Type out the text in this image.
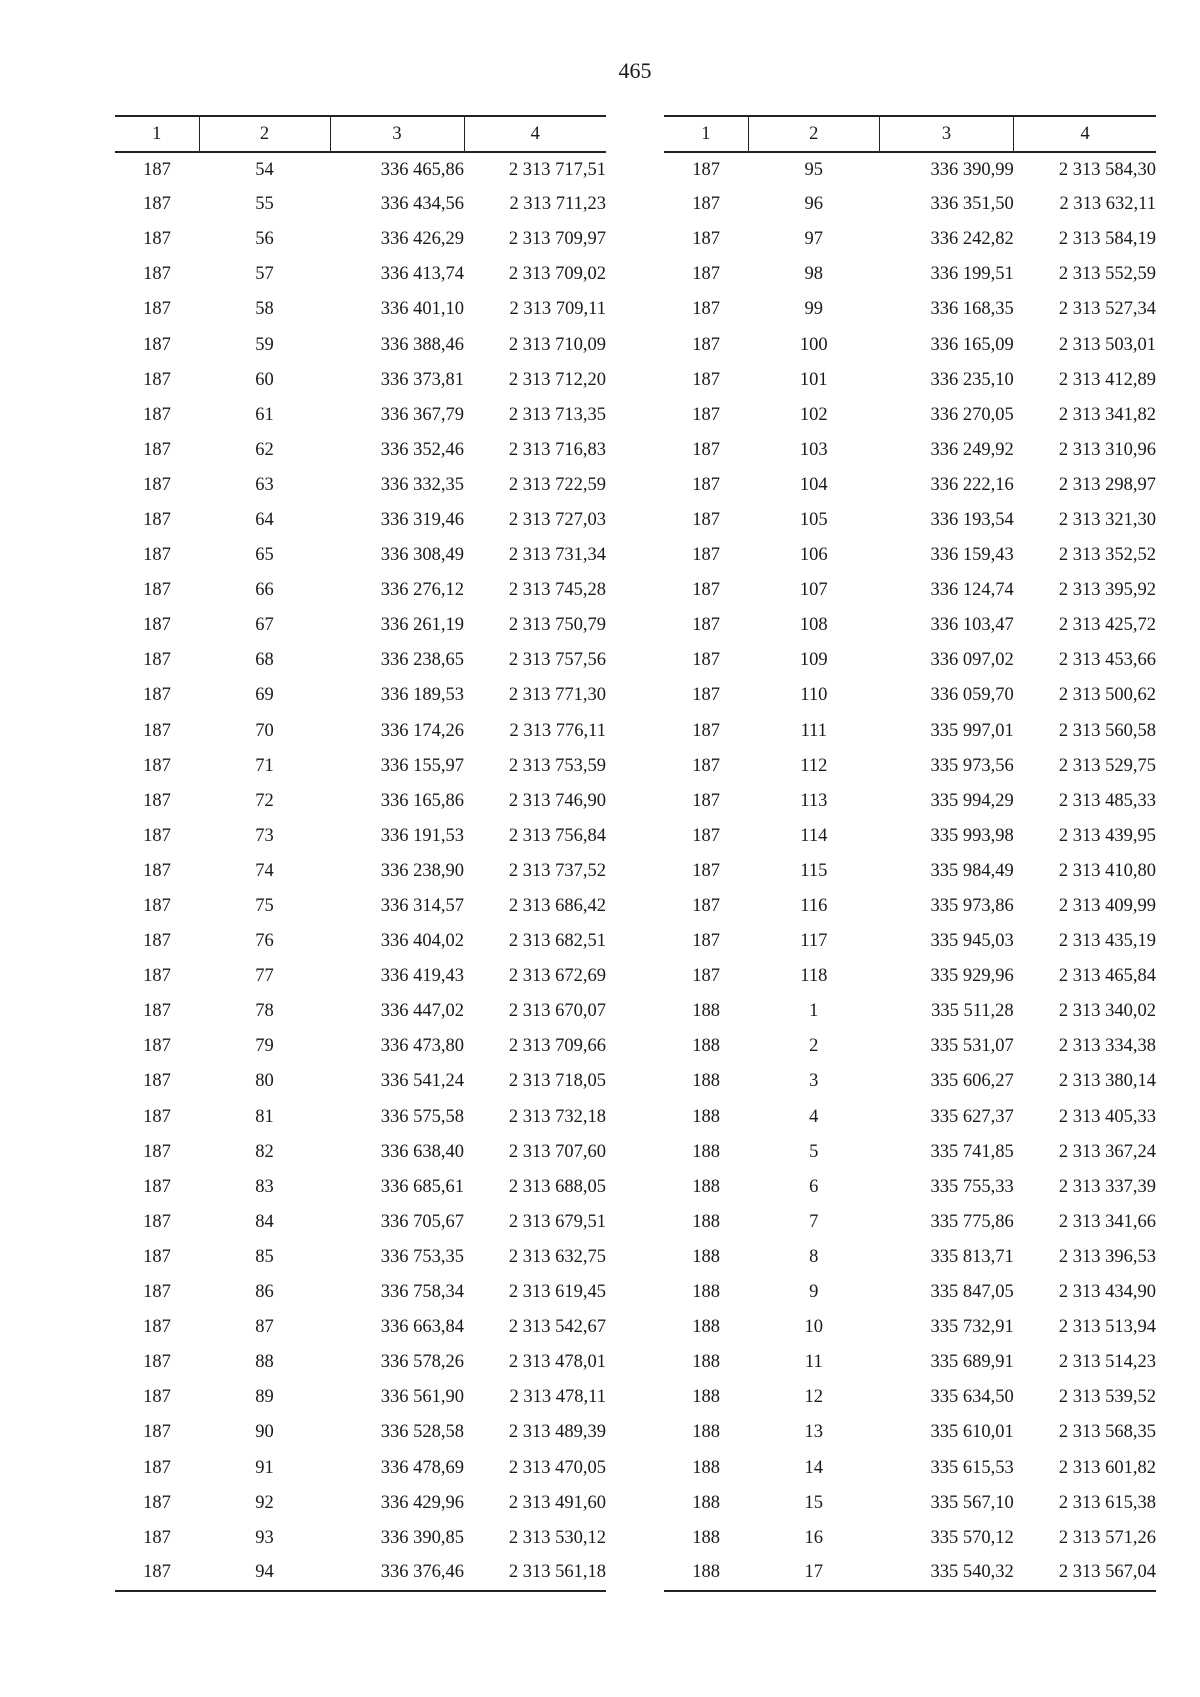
465
1	2	3	4
187	54	336 465,86	2 313 717,51
187	55	336 434,56	2 313 711,23
187	56	336 426,29	2 313 709,97
187	57	336 413,74	2 313 709,02
187	58	336 401,10	2 313 709,11
187	59	336 388,46	2 313 710,09
187	60	336 373,81	2 313 712,20
187	61	336 367,79	2 313 713,35
187	62	336 352,46	2 313 716,83
187	63	336 332,35	2 313 722,59
187	64	336 319,46	2 313 727,03
187	65	336 308,49	2 313 731,34
187	66	336 276,12	2 313 745,28
187	67	336 261,19	2 313 750,79
187	68	336 238,65	2 313 757,56
187	69	336 189,53	2 313 771,30
187	70	336 174,26	2 313 776,11
187	71	336 155,97	2 313 753,59
187	72	336 165,86	2 313 746,90
187	73	336 191,53	2 313 756,84
187	74	336 238,90	2 313 737,52
187	75	336 314,57	2 313 686,42
187	76	336 404,02	2 313 682,51
187	77	336 419,43	2 313 672,69
187	78	336 447,02	2 313 670,07
187	79	336 473,80	2 313 709,66
187	80	336 541,24	2 313 718,05
187	81	336 575,58	2 313 732,18
187	82	336 638,40	2 313 707,60
187	83	336 685,61	2 313 688,05
187	84	336 705,67	2 313 679,51
187	85	336 753,35	2 313 632,75
187	86	336 758,34	2 313 619,45
187	87	336 663,84	2 313 542,67
187	88	336 578,26	2 313 478,01
187	89	336 561,90	2 313 478,11
187	90	336 528,58	2 313 489,39
187	91	336 478,69	2 313 470,05
187	92	336 429,96	2 313 491,60
187	93	336 390,85	2 313 530,12
187	94	336 376,46	2 313 561,18
1	2	3	4
187	95	336 390,99	2 313 584,30
187	96	336 351,50	2 313 632,11
187	97	336 242,82	2 313 584,19
187	98	336 199,51	2 313 552,59
187	99	336 168,35	2 313 527,34
187	100	336 165,09	2 313 503,01
187	101	336 235,10	2 313 412,89
187	102	336 270,05	2 313 341,82
187	103	336 249,92	2 313 310,96
187	104	336 222,16	2 313 298,97
187	105	336 193,54	2 313 321,30
187	106	336 159,43	2 313 352,52
187	107	336 124,74	2 313 395,92
187	108	336 103,47	2 313 425,72
187	109	336 097,02	2 313 453,66
187	110	336 059,70	2 313 500,62
187	111	335 997,01	2 313 560,58
187	112	335 973,56	2 313 529,75
187	113	335 994,29	2 313 485,33
187	114	335 993,98	2 313 439,95
187	115	335 984,49	2 313 410,80
187	116	335 973,86	2 313 409,99
187	117	335 945,03	2 313 435,19
187	118	335 929,96	2 313 465,84
188	1	335 511,28	2 313 340,02
188	2	335 531,07	2 313 334,38
188	3	335 606,27	2 313 380,14
188	4	335 627,37	2 313 405,33
188	5	335 741,85	2 313 367,24
188	6	335 755,33	2 313 337,39
188	7	335 775,86	2 313 341,66
188	8	335 813,71	2 313 396,53
188	9	335 847,05	2 313 434,90
188	10	335 732,91	2 313 513,94
188	11	335 689,91	2 313 514,23
188	12	335 634,50	2 313 539,52
188	13	335 610,01	2 313 568,35
188	14	335 615,53	2 313 601,82
188	15	335 567,10	2 313 615,38
188	16	335 570,12	2 313 571,26
188	17	335 540,32	2 313 567,04
